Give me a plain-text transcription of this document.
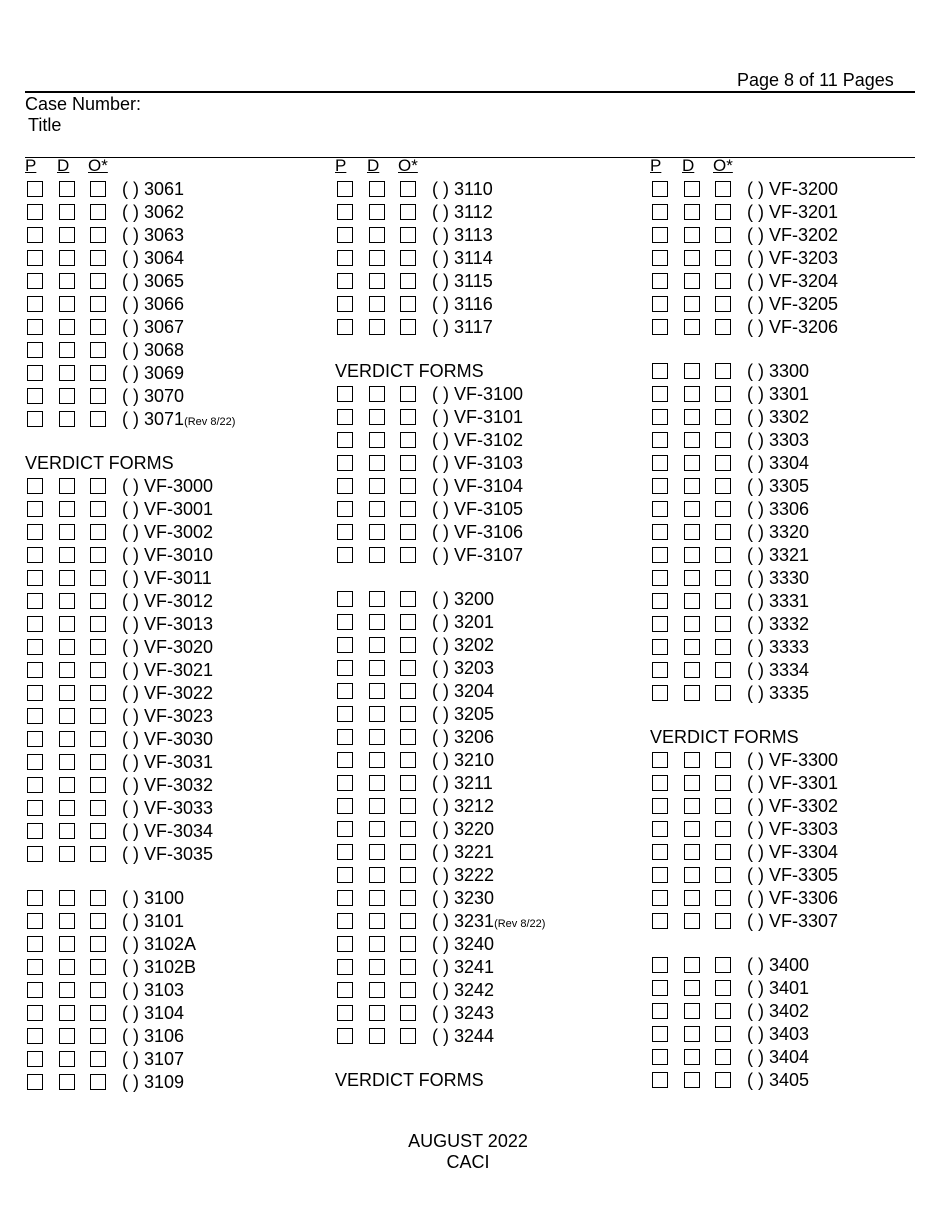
Page 8 of 11 Pages
Case Number:
Title
P D O*
( ) 3061
( ) 3062
( ) 3063
( ) 3064
( ) 3065
( ) 3066
( ) 3067
( ) 3068
( ) 3069
( ) 3070
( ) 3071(Rev 8/22)
VERDICT FORMS
( ) VF-3000
( ) VF-3001
( ) VF-3002
( ) VF-3010
( ) VF-3011
( ) VF-3012
( ) VF-3013
( ) VF-3020
( ) VF-3021
( ) VF-3022
( ) VF-3023
( ) VF-3030
( ) VF-3031
( ) VF-3032
( ) VF-3033
( ) VF-3034
( ) VF-3035
( ) 3100
( ) 3101
( ) 3102A
( ) 3102B
( ) 3103
( ) 3104
( ) 3106
( ) 3107
( ) 3109
P D O*
( ) 3110
( ) 3112
( ) 3113
( ) 3114
( ) 3115
( ) 3116
( ) 3117
VERDICT FORMS
( ) VF-3100
( ) VF-3101
( ) VF-3102
( ) VF-3103
( ) VF-3104
( ) VF-3105
( ) VF-3106
( ) VF-3107
( ) 3200
( ) 3201
( ) 3202
( ) 3203
( ) 3204
( ) 3205
( ) 3206
( ) 3210
( ) 3211
( ) 3212
( ) 3220
( ) 3221
( ) 3222
( ) 3230
( ) 3231(Rev 8/22)
( ) 3240
( ) 3241
( ) 3242
( ) 3243
( ) 3244
VERDICT FORMS
P D O*
( ) VF-3200
( ) VF-3201
( ) VF-3202
( ) VF-3203
( ) VF-3204
( ) VF-3205
( ) VF-3206
( ) 3300
( ) 3301
( ) 3302
( ) 3303
( ) 3304
( ) 3305
( ) 3306
( ) 3320
( ) 3321
( ) 3330
( ) 3331
( ) 3332
( ) 3333
( ) 3334
( ) 3335
VERDICT FORMS
( ) VF-3300
( ) VF-3301
( ) VF-3302
( ) VF-3303
( ) VF-3304
( ) VF-3305
( ) VF-3306
( ) VF-3307
( ) 3400
( ) 3401
( ) 3402
( ) 3403
( ) 3404
( ) 3405
AUGUST 2022
CACI
